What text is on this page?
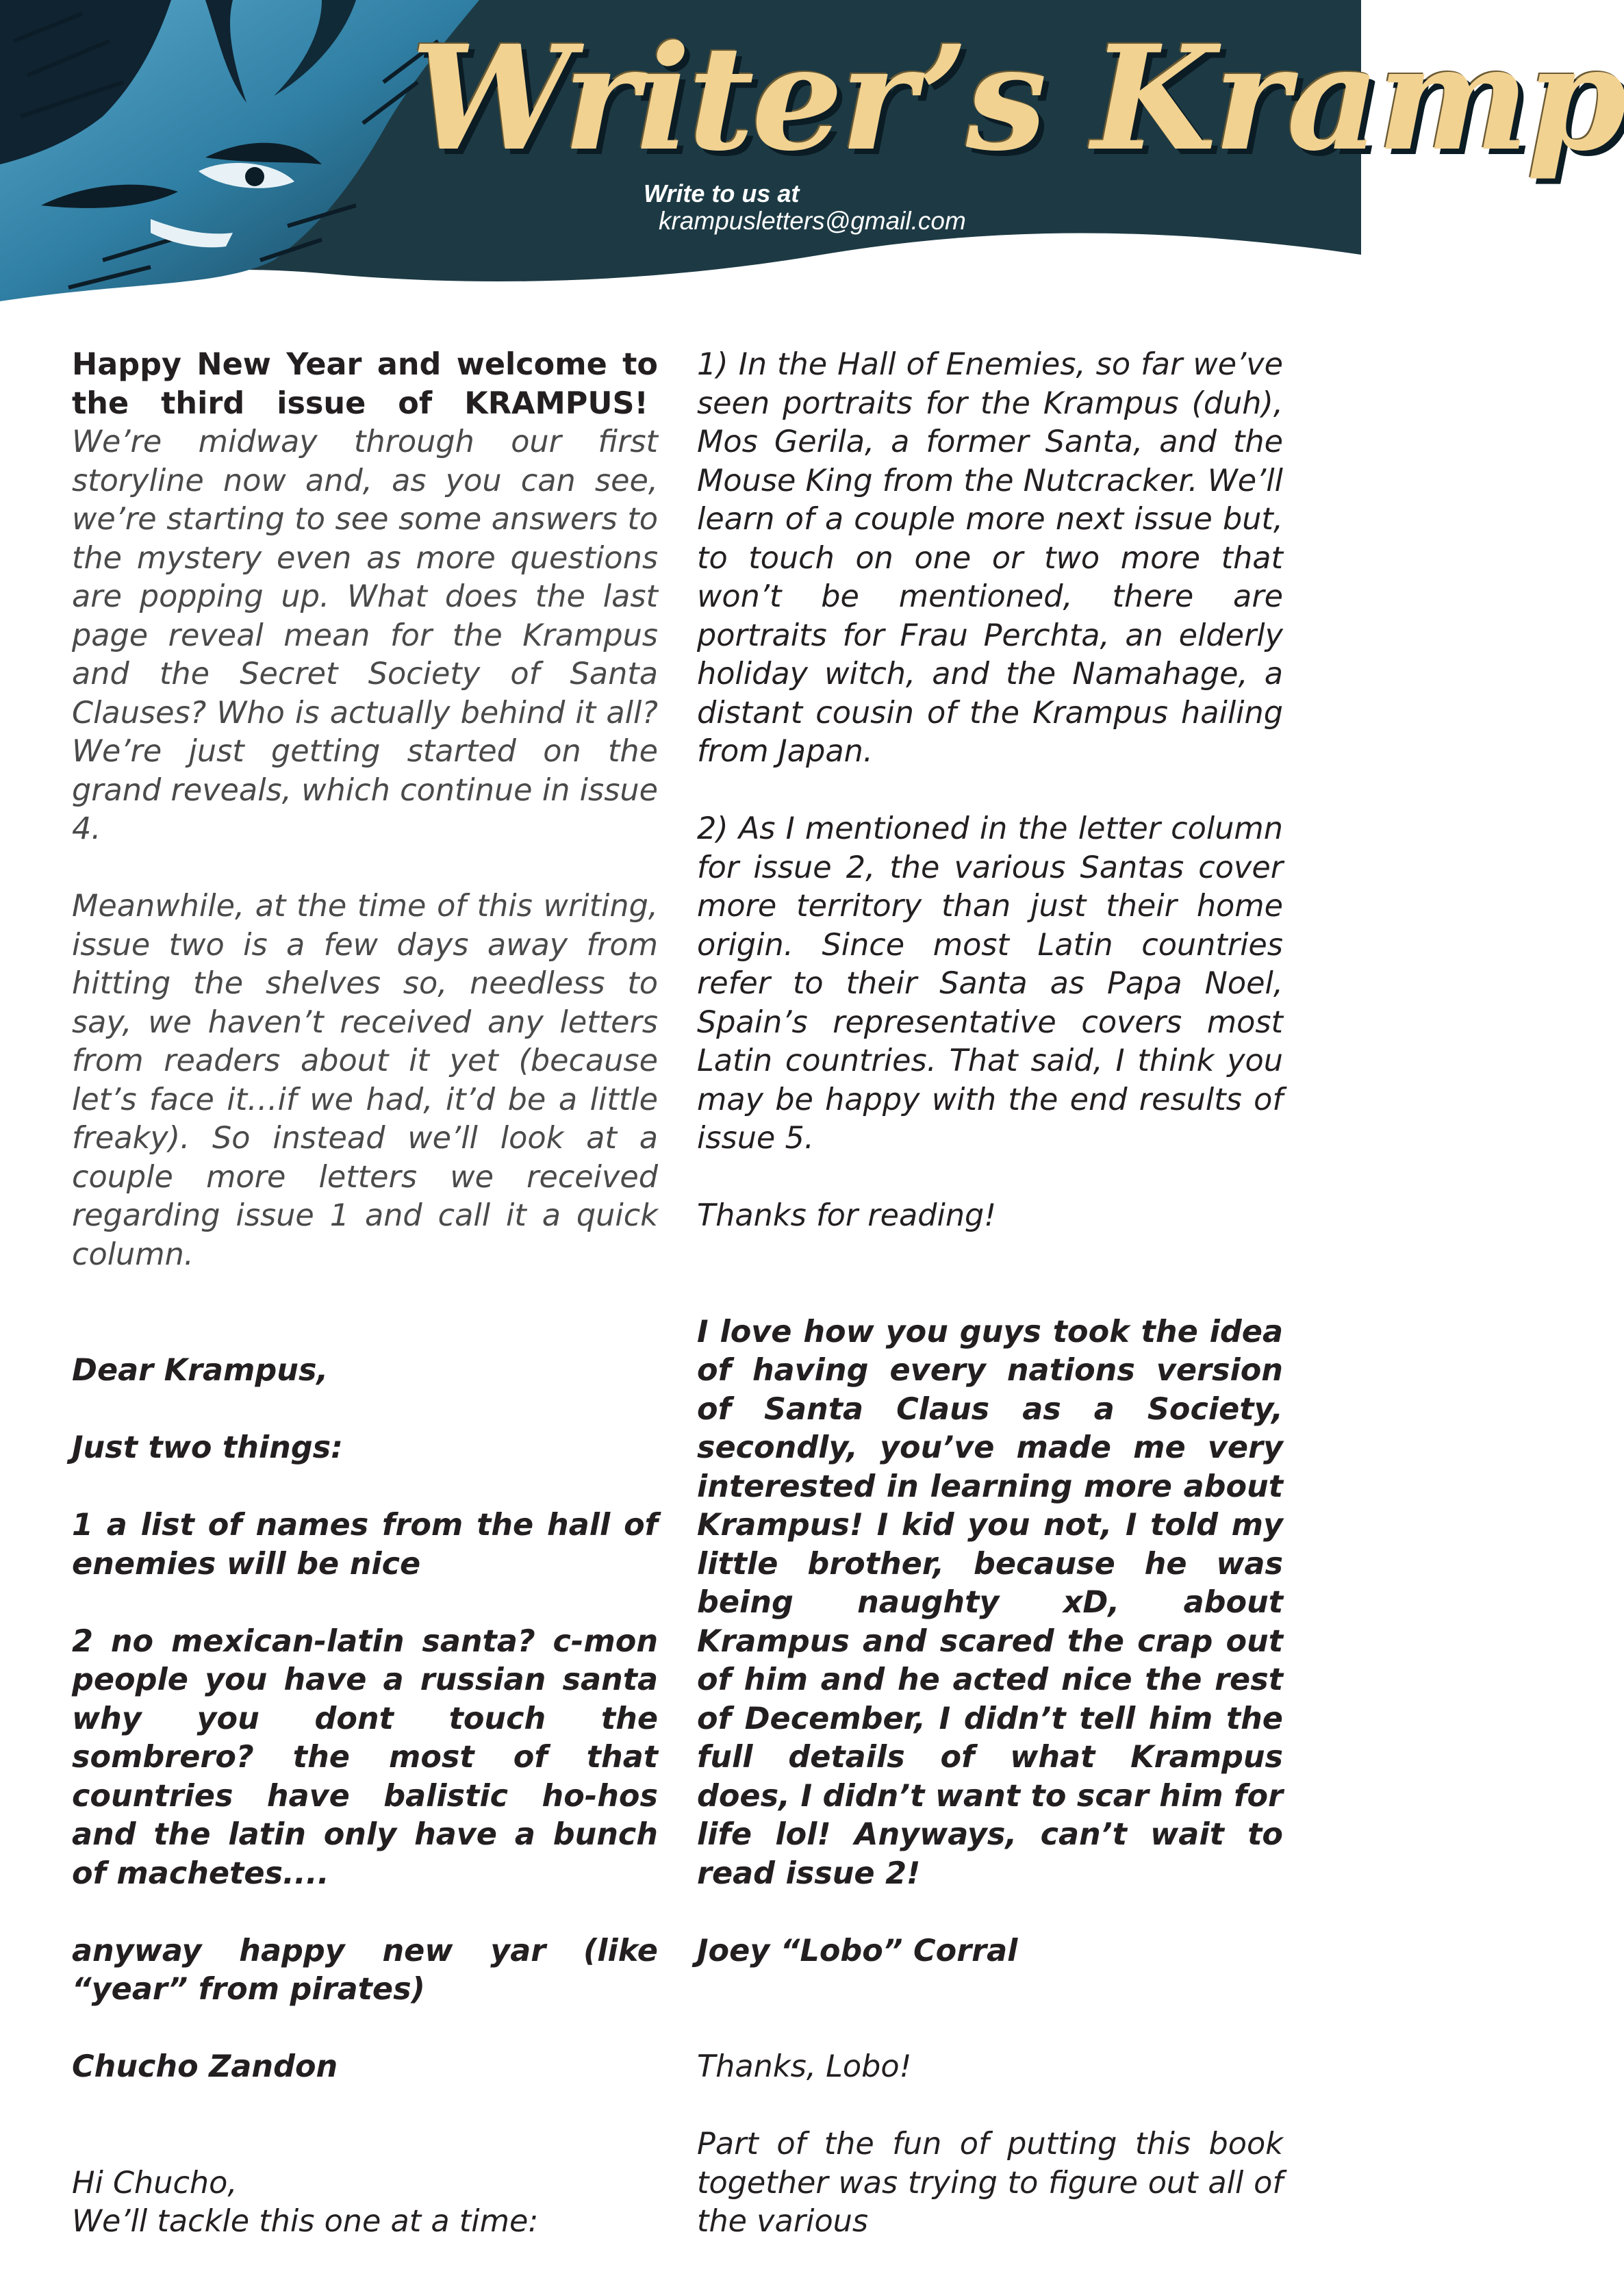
Writer’s Kramp
Write to us at
krampusletters@gmail.com

Happy New Year and welcome to the third issue of KRAMPUS!  We’re midway through our first storyline now and, as you can see, we’re starting to see some answers to the mystery even as more questions are popping up. What does the last page reveal mean for the Krampus and the Secret Society of Santa Clauses? Who is actually behind it all? We’re just getting started on the grand reveals, which continue in issue 4.

Meanwhile, at the time of this writing, issue two is a few days away from hitting the shelves so, needless to say, we haven’t received any letters from readers about it yet (because let’s face it…if we had, it’d be a little freaky). So instead we’ll look at a couple more letters we received regarding issue 1 and call it a quick column.

Dear Krampus,

Just two things:

1 a list of names from the hall of enemies will be nice

2 no mexican-latin santa? c-mon people you have a russian santa why you dont touch the sombrero? the most of that countries have balistic ho-hos and the latin only have a bunch of machetes....

anyway happy new yar (like “year” from pirates)

Chucho Zandon

Hi Chucho,
We’ll tackle this one at a time:

1) In the Hall of Enemies, so far we’ve seen portraits for the Krampus (duh), Mos Gerila, a former Santa, and the Mouse King from the Nutcracker. We’ll learn of a couple more next issue but, to touch on one or two more that won’t be mentioned, there are portraits for Frau Perchta, an elderly holiday witch, and the Namahage, a distant cousin of the Krampus hailing from Japan.

2) As I mentioned in the letter column for issue 2, the various Santas cover more territory than just their home origin. Since most Latin countries refer to their Santa as Papa Noel, Spain’s representative covers most Latin countries. That said, I think you may be happy with the end results of issue 5.

Thanks for reading!

I love how you guys took the idea of having every nations version of Santa Claus as a Society, secondly, you’ve made me very interested in learning more about Krampus! I kid you not, I told my little brother, because he was being naughty xD, about Krampus and scared the crap out of him and he acted nice the rest of December, I didn’t tell him the full details of what Krampus does, I didn’t want to scar him for life lol! Anyways, can’t wait to read issue 2!

Joey “Lobo” Corral

Thanks, Lobo!

Part of the fun of putting this book together was trying to figure out all of the various
